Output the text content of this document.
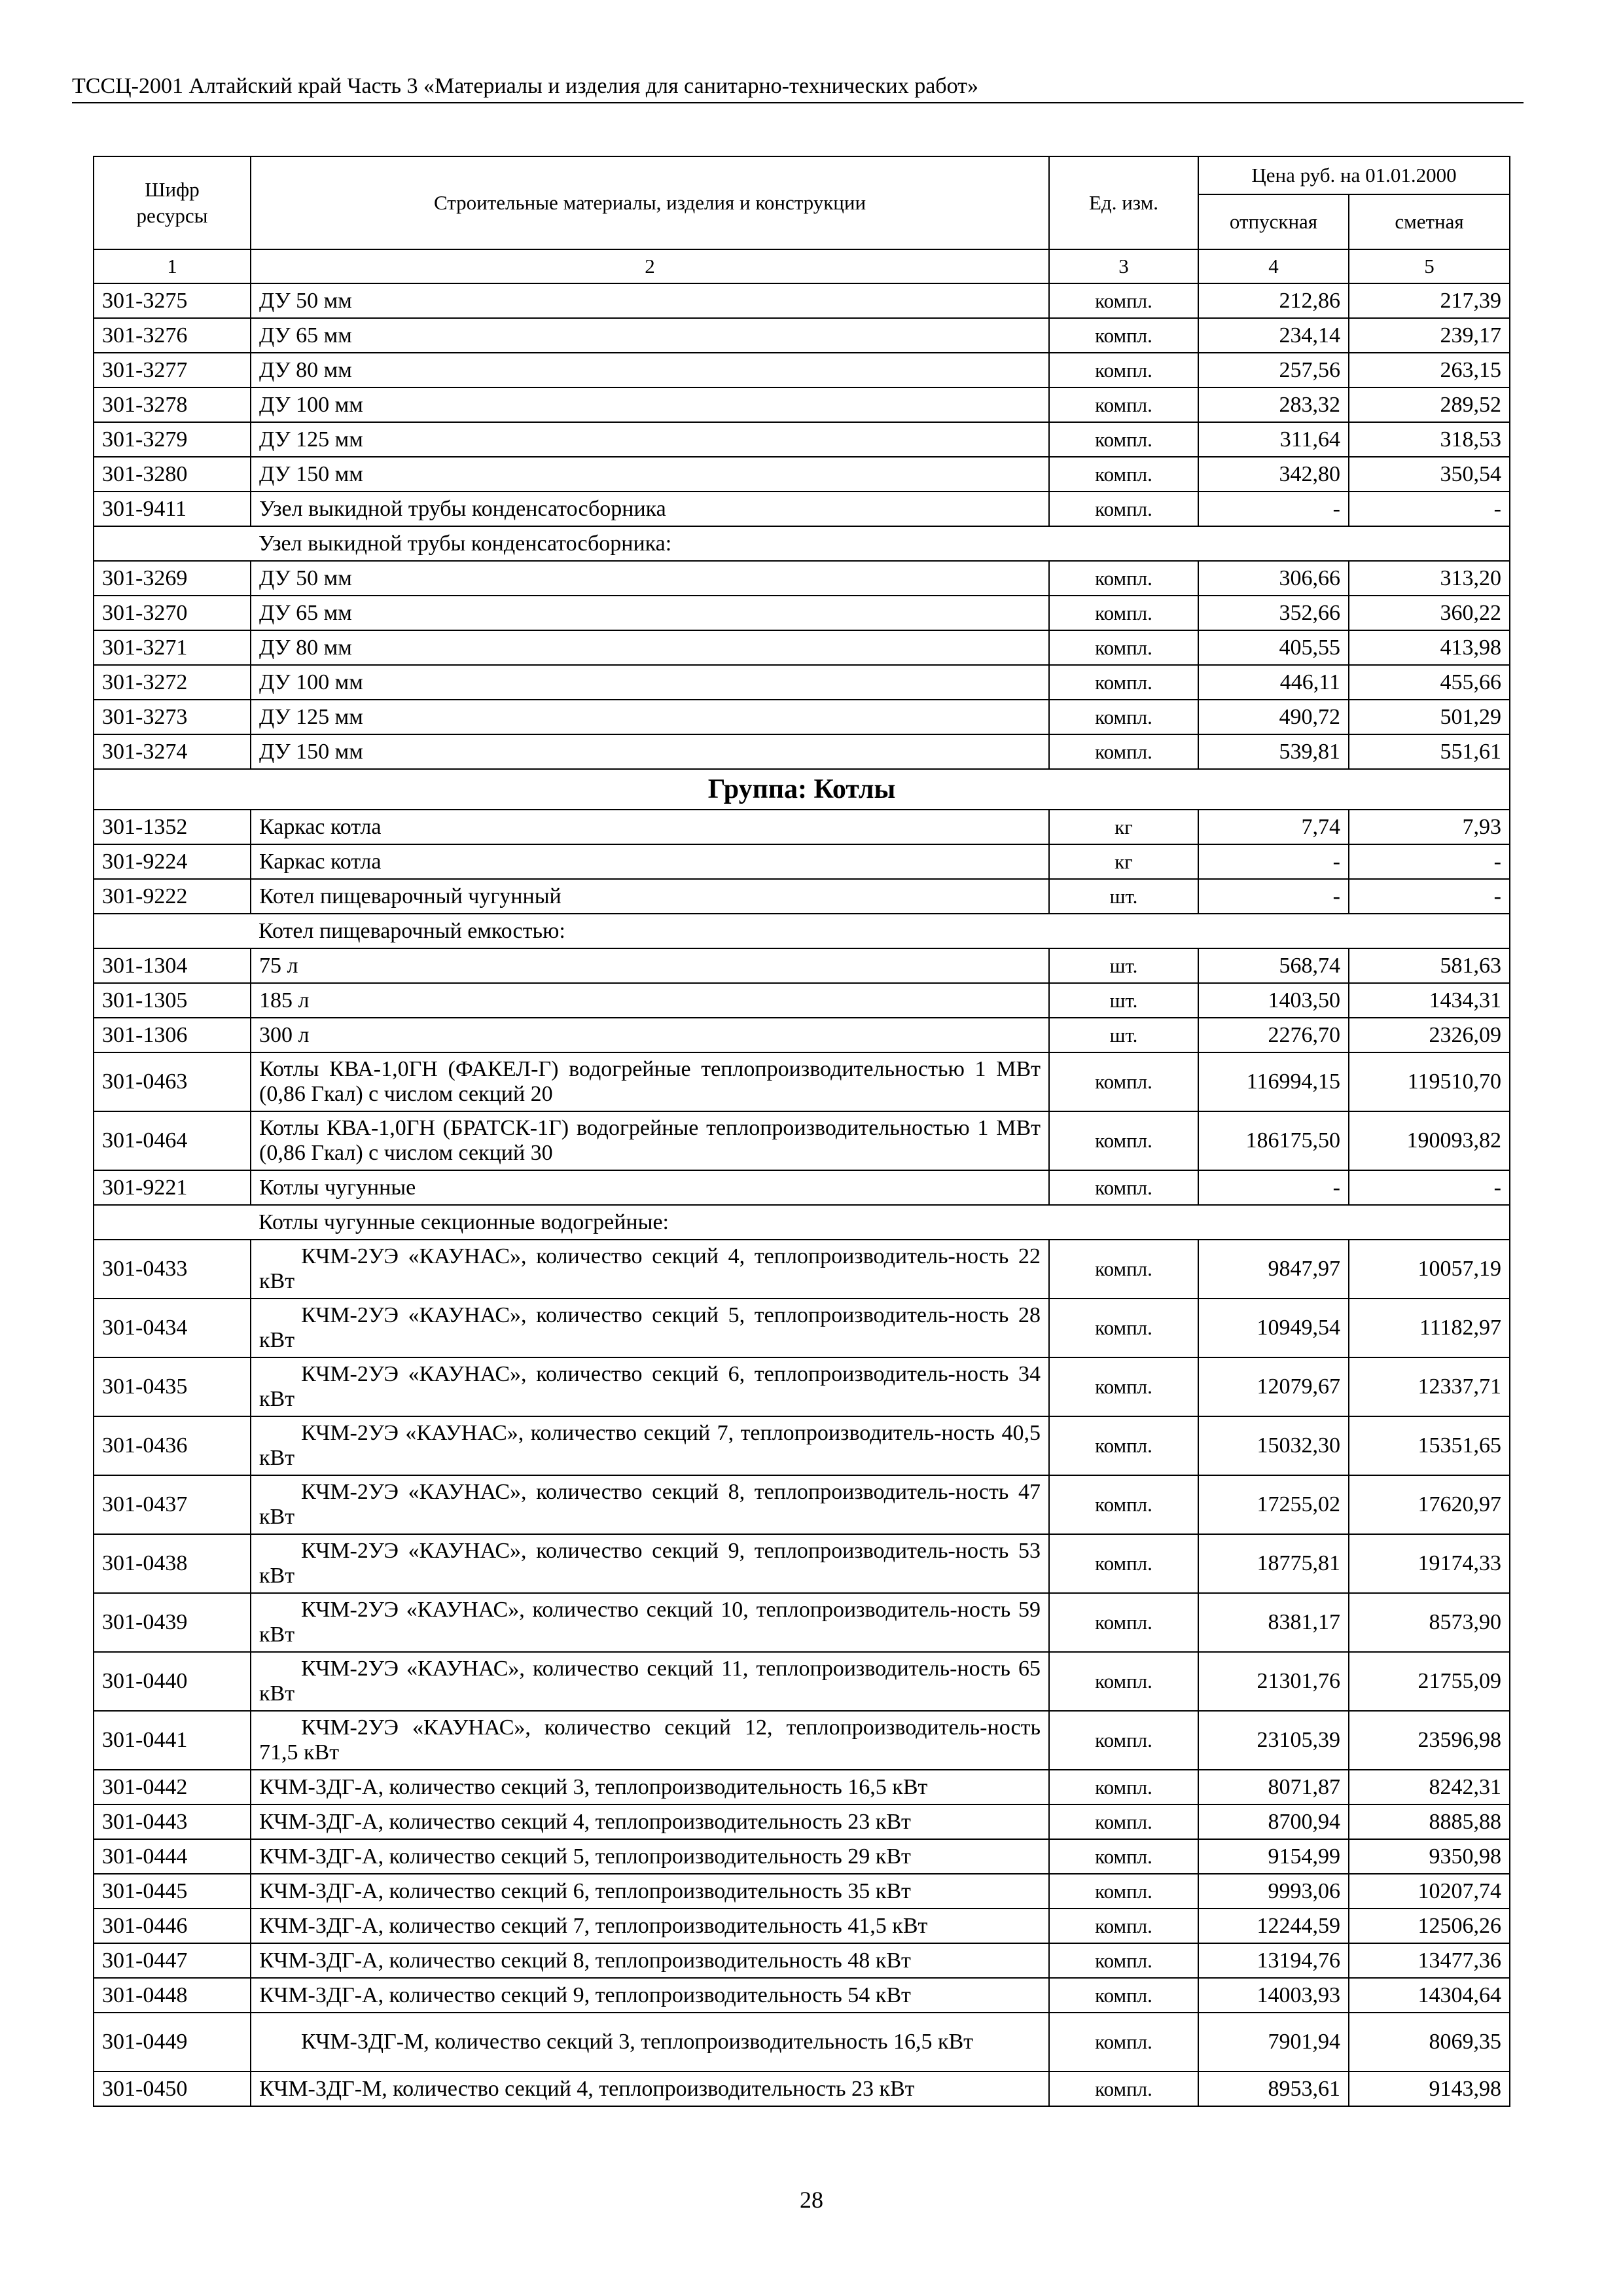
ТССЦ-2001 Алтайский край Часть 3 «Материалы и изделия для санитарно-технических работ»
Шифр ресурсы	Строительные материалы, изделия и конструкции	Ед. изм.	Цена руб. на 01.01.2000	
			отпускная	сметная
1	2	3	4	5
301-3275	ДУ 50 мм	компл.	212,86	217,39
301-3276	ДУ 65 мм	компл.	234,14	239,17
301-3277	ДУ 80 мм	компл.	257,56	263,15
301-3278	ДУ 100 мм	компл.	283,32	289,52
301-3279	ДУ 125 мм	компл.	311,64	318,53
301-3280	ДУ 150 мм	компл.	342,80	350,54
301-9411	Узел выкидной трубы конденсатосборника	компл.	-	-
	Узел выкидной трубы конденсатосборника:			
301-3269	ДУ 50 мм	компл.	306,66	313,20
301-3270	ДУ 65 мм	компл.	352,66	360,22
301-3271	ДУ 80 мм	компл.	405,55	413,98
301-3272	ДУ 100 мм	компл.	446,11	455,66
301-3273	ДУ 125 мм	компл.	490,72	501,29
301-3274	ДУ 150 мм	компл.	539,81	551,61
Группа: Котлы				
301-1352	Каркас котла	кг	7,74	7,93
301-9224	Каркас котла	кг	-	-
301-9222	Котел пищеварочный чугунный	шт.	-	-
	Котел пищеварочный емкостью:			
301-1304	75 л	шт.	568,74	581,63
301-1305	185 л	шт.	1403,50	1434,31
301-1306	300 л	шт.	2276,70	2326,09
301-0463	Котлы КВА-1,0ГН (ФАКЕЛ-Г) водогрейные теплопроизводительностью 1 МВт (0,86 Гкал) с числом секций 20	компл.	116994,15	119510,70
301-0464	Котлы КВА-1,0ГН (БРАТСК-1Г) водогрейные теплопроизводительностью 1 МВт (0,86 Гкал) с числом секций 30	компл.	186175,50	190093,82
301-9221	Котлы чугунные	компл.	-	-
	Котлы чугунные секционные водогрейные:			
301-0433	КЧМ-2УЭ «КАУНАС», количество секций 4, теплопроизводитель-ность 22 кВт	компл.	9847,97	10057,19
301-0434	КЧМ-2УЭ «КАУНАС», количество секций 5, теплопроизводитель-ность 28 кВт	компл.	10949,54	11182,97
301-0435	КЧМ-2УЭ «КАУНАС», количество секций 6, теплопроизводитель-ность 34 кВт	компл.	12079,67	12337,71
301-0436	КЧМ-2УЭ «КАУНАС», количество секций 7, теплопроизводитель-ность 40,5 кВт	компл.	15032,30	15351,65
301-0437	КЧМ-2УЭ «КАУНАС», количество секций 8, теплопроизводитель-ность 47 кВт	компл.	17255,02	17620,97
301-0438	КЧМ-2УЭ «КАУНАС», количество секций 9, теплопроизводитель-ность 53 кВт	компл.	18775,81	19174,33
301-0439	КЧМ-2УЭ «КАУНАС», количество секций 10, теплопроизводитель-ность 59 кВт	компл.	8381,17	8573,90
301-0440	КЧМ-2УЭ «КАУНАС», количество секций 11, теплопроизводитель-ность 65 кВт	компл.	21301,76	21755,09
301-0441	КЧМ-2УЭ «КАУНАС», количество секций 12, теплопроизводитель-ность 71,5 кВт	компл.	23105,39	23596,98
301-0442	КЧМ-3ДГ-А, количество секций 3, теплопроизводительность 16,5 кВт	компл.	8071,87	8242,31
301-0443	КЧМ-3ДГ-А, количество секций 4, теплопроизводительность 23 кВт	компл.	8700,94	8885,88
301-0444	КЧМ-3ДГ-А, количество секций 5, теплопроизводительность 29 кВт	компл.	9154,99	9350,98
301-0445	КЧМ-3ДГ-А, количество секций 6, теплопроизводительность 35 кВт	компл.	9993,06	10207,74
301-0446	КЧМ-3ДГ-А, количество секций 7, теплопроизводительность 41,5 кВт	компл.	12244,59	12506,26
301-0447	КЧМ-3ДГ-А, количество секций 8, теплопроизводительность 48 кВт	компл.	13194,76	13477,36
301-0448	КЧМ-3ДГ-А, количество секций 9, теплопроизводительность 54 кВт	компл.	14003,93	14304,64
301-0449	КЧМ-3ДГ-М, количество секций 3, теплопроизводительность 16,5 кВт	компл.	7901,94	8069,35
301-0450	КЧМ-3ДГ-М, количество секций 4, теплопроизводительность 23 кВт	компл.	8953,61	9143,98
28
